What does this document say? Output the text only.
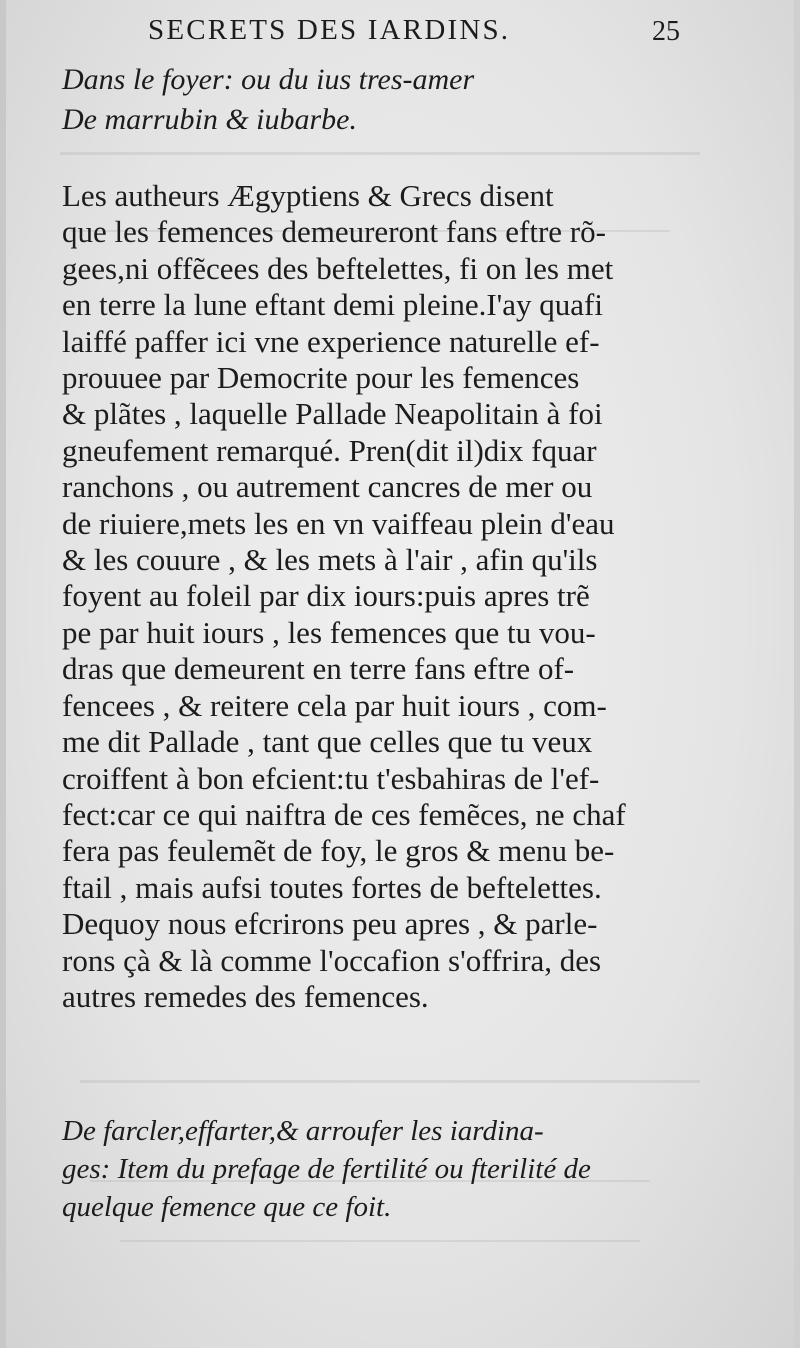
SECRETS DES IARDINS.	25
Dans le foyer: ou du ius tres-amer
De marrubin & iubarbe.
Les autheurs Ægyptiens & Grecs disent
que les femences demeureront fans eftre rõ-
gees,ni offẽcees des beftelettes, fi on les met
en terre la lune eftant demi pleine.I'ay quafi
laiffé paffer ici vne experience naturelle ef-
prouuee par Democrite pour les femences
& plãtes , laquelle Pallade Neapolitain à foi
gneufement remarqué. Pren(dit il)dix fquar
ranchons , ou autrement cancres de mer ou
de riuiere,mets les en vn vaiffeau plein d'eau
& les couure , & les mets à l'air , afin qu'ils
foyent au foleil par dix iours:puis apres trẽ
pe par huit iours , les femences que tu vou-
dras que demeurent en terre fans eftre of-
fencees , & reitere cela par huit iours , com-
me dit Pallade , tant que celles que tu veux
croiffent à bon efcient:tu t'esbahiras de l'ef-
fect:car ce qui naiftra de ces femẽces, ne chaf
fera pas feulemẽt de foy, le gros & menu be-
ftail , mais aufsi toutes fortes de beftelettes.
Dequoy nous efcrirons peu apres , & parle-
rons çà & là comme l'occafion s'offrira, des
autres remedes des femences.
De farcler,effarter,& arroufer les iardina-
ges: Item du prefage de fertilité ou fterilité de
quelque femence que ce foit.
